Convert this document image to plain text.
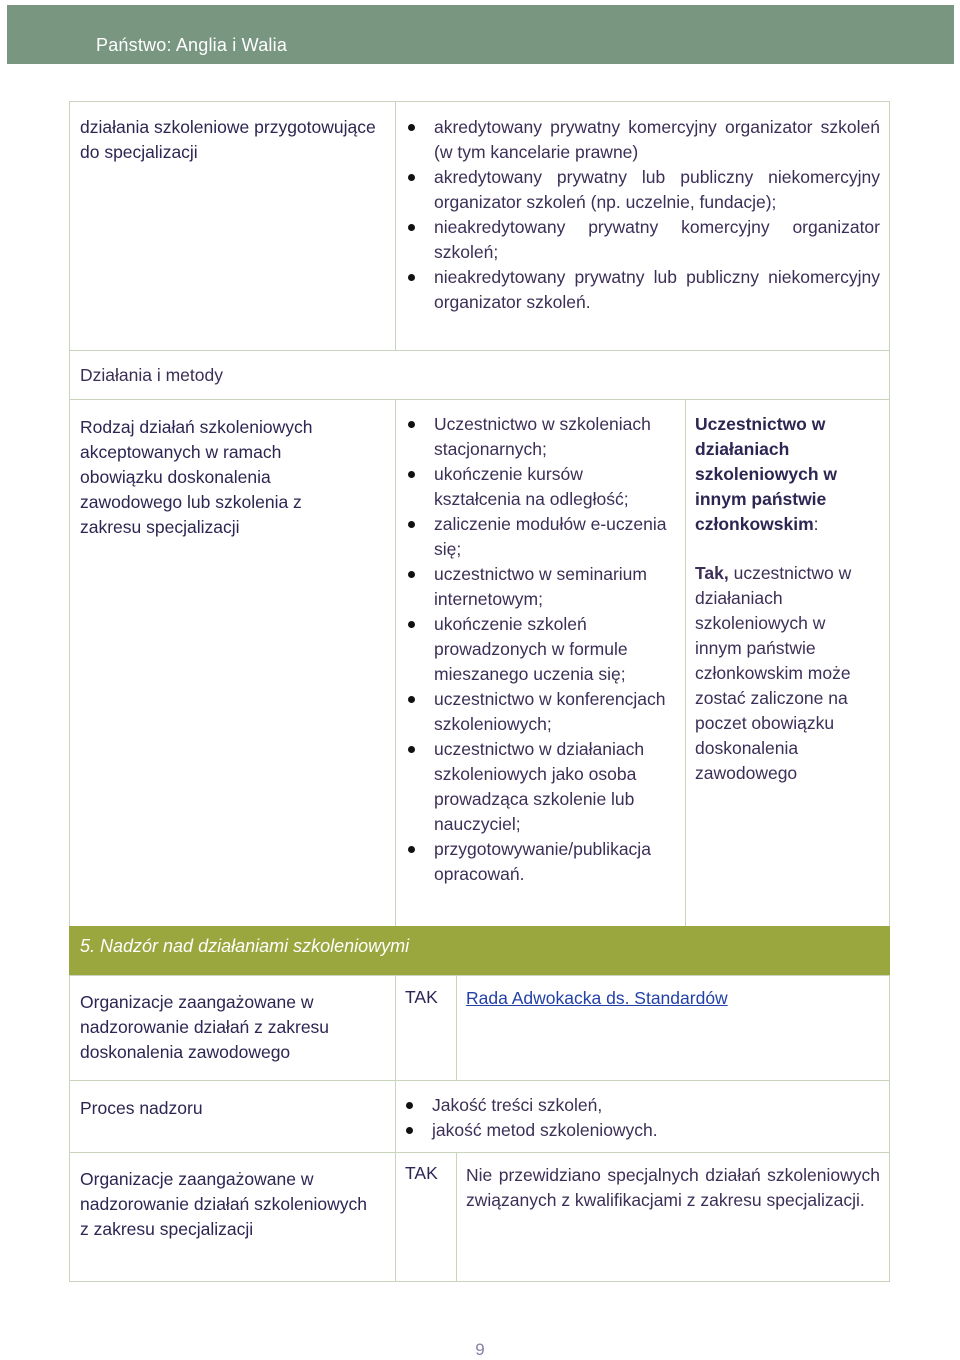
Państwo: Anglia i Walia
działania szkoleniowe przygotowujące do specjalizacji
akredytowany prywatny komercyjny organizator szkoleń (w tym kancelarie prawne)
akredytowany prywatny lub publiczny niekomercyjny organizator szkoleń (np. uczelnie, fundacje);
nieakredytowany prywatny komercyjny organizator szkoleń;
nieakredytowany prywatny lub publiczny niekomercyjny organizator szkoleń.
Działania i metody
Rodzaj działań szkoleniowych akceptowanych w ramach obowiązku doskonalenia zawodowego lub szkolenia z zakresu specjalizacji
Uczestnictwo w szkoleniach stacjonarnych;
ukończenie kursów kształcenia na odległość;
zaliczenie modułów e-uczenia się;
uczestnictwo w seminarium internetowym;
ukończenie szkoleń prowadzonych w formule mieszanego uczenia się;
uczestnictwo w konferencjach szkoleniowych;
uczestnictwo w działaniach szkoleniowych jako osoba prowadząca szkolenie lub nauczyciel;
przygotowywanie/publikacja opracowań.
Uczestnictwo w działaniach szkoleniowych w innym państwie członkowskim:
Tak, uczestnictwo w działaniach szkoleniowych w innym państwie członkowskim może zostać zaliczone na poczet obowiązku doskonalenia zawodowego
5. Nadzór nad działaniami szkoleniowymi
Organizacje zaangażowane w nadzorowanie działań z zakresu doskonalenia zawodowego
TAK Rada Adwokacka ds. Standardów
Proces nadzoru	Jakość treści szkoleń,
jakość metod szkoleniowych.
Organizacje zaangażowane w nadzorowanie działań szkoleniowych z zakresu specjalizacji
TAK Nie przewidziano specjalnych działań szkoleniowych związanych z kwalifikacjami z zakresu specjalizacji.
9
